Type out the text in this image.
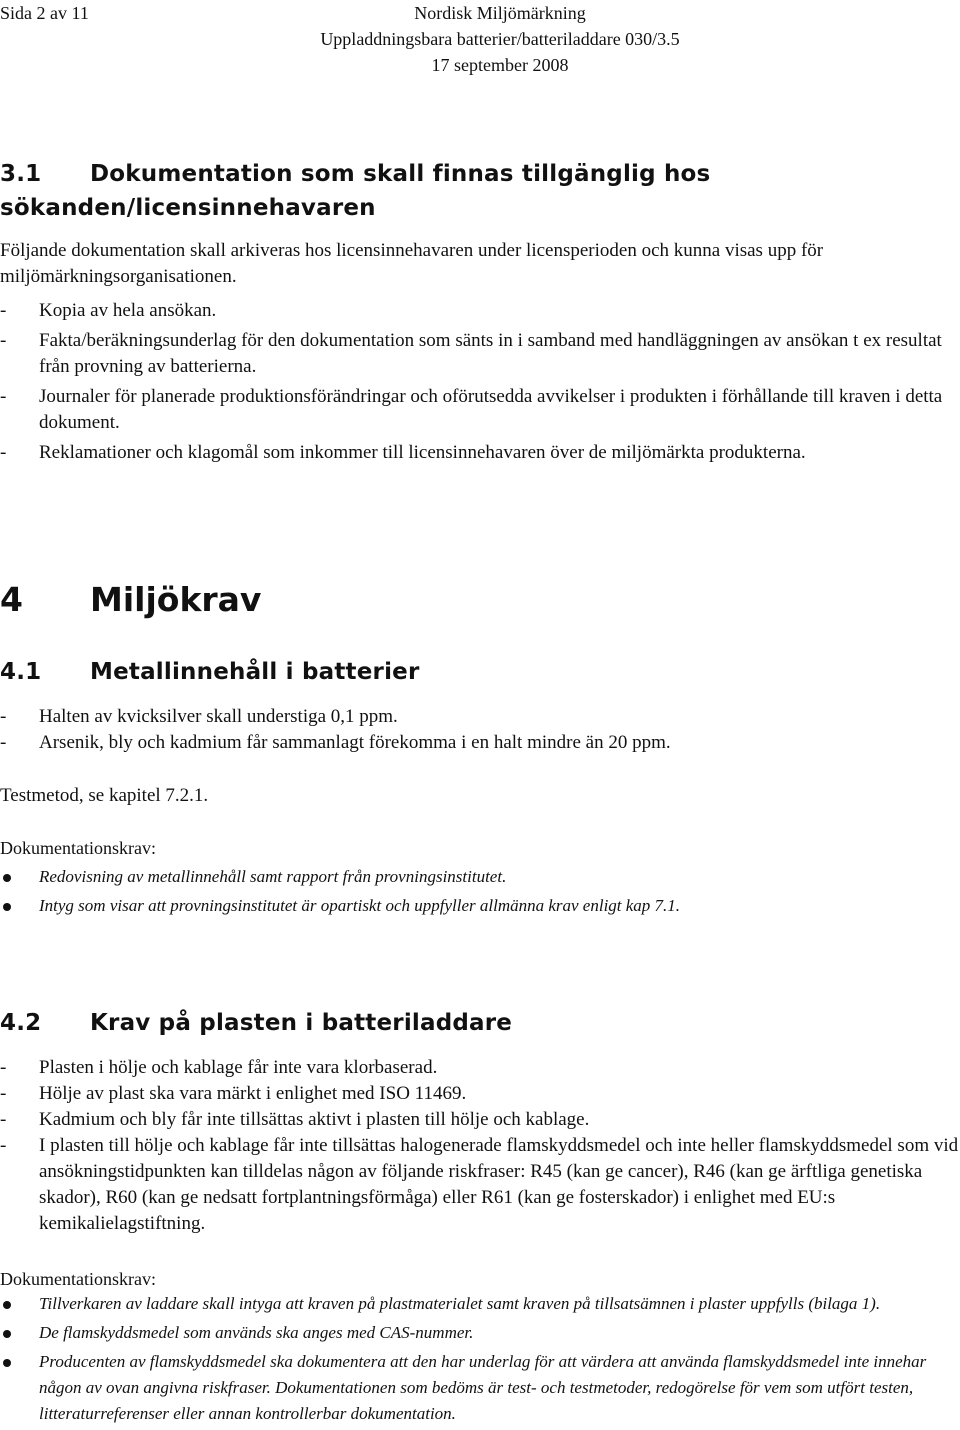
Sida 2 av 11	Nordisk Miljömärkning
Uppladdningsbara batterier/batteriladdare 030/3.5
17 september 2008
3.1 Dokumentation som skall finnas tillgänglig hos
sökanden/licensinnehavaren
Följande dokumentation skall arkiveras hos licensinnehavaren under licensperioden och kunna visas upp för miljömärkningsorganisationen.
- Kopia av hela ansökan.
- Fakta/beräkningsunderlag för den dokumentation som sänts in i samband med handläggningen av ansökan t ex resultat från provning av batterierna.
- Journaler för planerade produktionsförändringar och oförutsedda avvikelser i produkten i förhållande till kraven i detta dokument.
- Reklamationer och klagomål som inkommer till licensinnehavaren över de miljömärkta produkterna.
4 Miljökrav
4.1 Metallinnehåll i batterier
- Halten av kvicksilver skall understiga 0,1 ppm.
- Arsenik, bly och kadmium får sammanlagt förekomma i en halt mindre än 20 ppm.
Testmetod, se kapitel 7.2.1.
Dokumentationskrav:
Redovisning av metallinnehåll samt rapport från provningsinstitutet.
Intyg som visar att provningsinstitutet är opartiskt och uppfyller allmänna krav enligt kap 7.1.
4.2 Krav på plasten i batteriladdare
- Plasten i hölje och kablage får inte vara klorbaserad.
- Hölje av plast ska vara märkt i enlighet med ISO 11469.
- Kadmium och bly får inte tillsättas aktivt i plasten till hölje och kablage.
- I plasten till hölje och kablage får inte tillsättas halogenerade flamskyddsmedel och inte heller flamskyddsmedel som vid ansökningstidpunkten kan tilldelas någon av följande riskfraser: R45 (kan ge cancer), R46 (kan ge ärftliga genetiska skador), R60 (kan ge nedsatt fortplantningsförmåga) eller R61 (kan ge fosterskador) i enlighet med EU:s kemikalielagstiftning.
Dokumentationskrav:
Tillverkaren av laddare skall intyga att kraven på plastmaterialet samt kraven på tillsatsämnen i plaster uppfylls (bilaga 1).
De flamskyddsmedel som används ska anges med CAS-nummer.
Producenten av flamskyddsmedel ska dokumentera att den har underlag för att värdera att använda flamskyddsmedel inte innehar någon av ovan angivna riskfraser. Dokumentationen som bedöms är test- och testmetoder, redogörelse för vem som utfört testen, litteraturreferenser eller annan kontrollerbar dokumentation.
